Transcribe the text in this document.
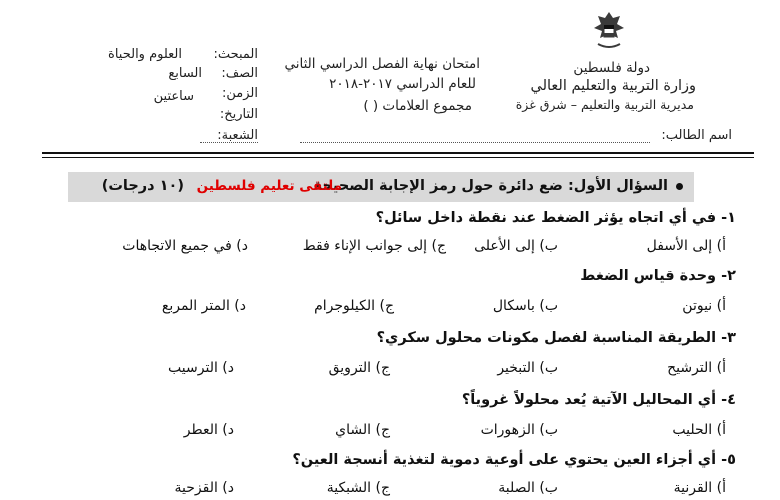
دولة فلسطين
وزارة التربية والتعليم العالي
مديرية التربية والتعليم – شرق غزة
امتحان نهاية الفصل الدراسي الثاني
للعام الدراسي ٢٠١٧-٢٠١٨
مجموع العلامات ( )
المبحث:
العلوم والحياة
الصف:
السابع
الزمن:
ساعتين
التاريخ:
الشعبة:	اسم الطالب:
السؤال الأول: ضع دائرة حول رمز الإجابة الصحيحة
ملتقى تعليم فلسطين
(١٠ درجات)
١- في أي اتجاه يؤثر الضغط عند نقطة داخل سائل؟
أ) إلى الأسفل
ب) إلى الأعلى
ج) إلى جوانب الإناء فقط
د) في جميع الاتجاهات
٢- وحدة قياس الضغط
أ) نيوتن
ب) باسكال
ج) الكيلوجرام
د) المتر المربع
٣- الطريقة المناسبة لفصل مكونات محلول سكري؟
أ) الترشيح
ب) التبخير
ج) الترويق
د) الترسيب
٤- أي المحاليل الآتية يُعد محلولاً غروياً؟
أ) الحليب
ب) الزهورات
ج) الشاي
د) العطر
٥- أي أجزاء العين يحتوي على أوعية دموية لتغذية أنسجة العين؟
أ) القرنية
ب) الصلبة
ج) الشبكية
د) القزحية
